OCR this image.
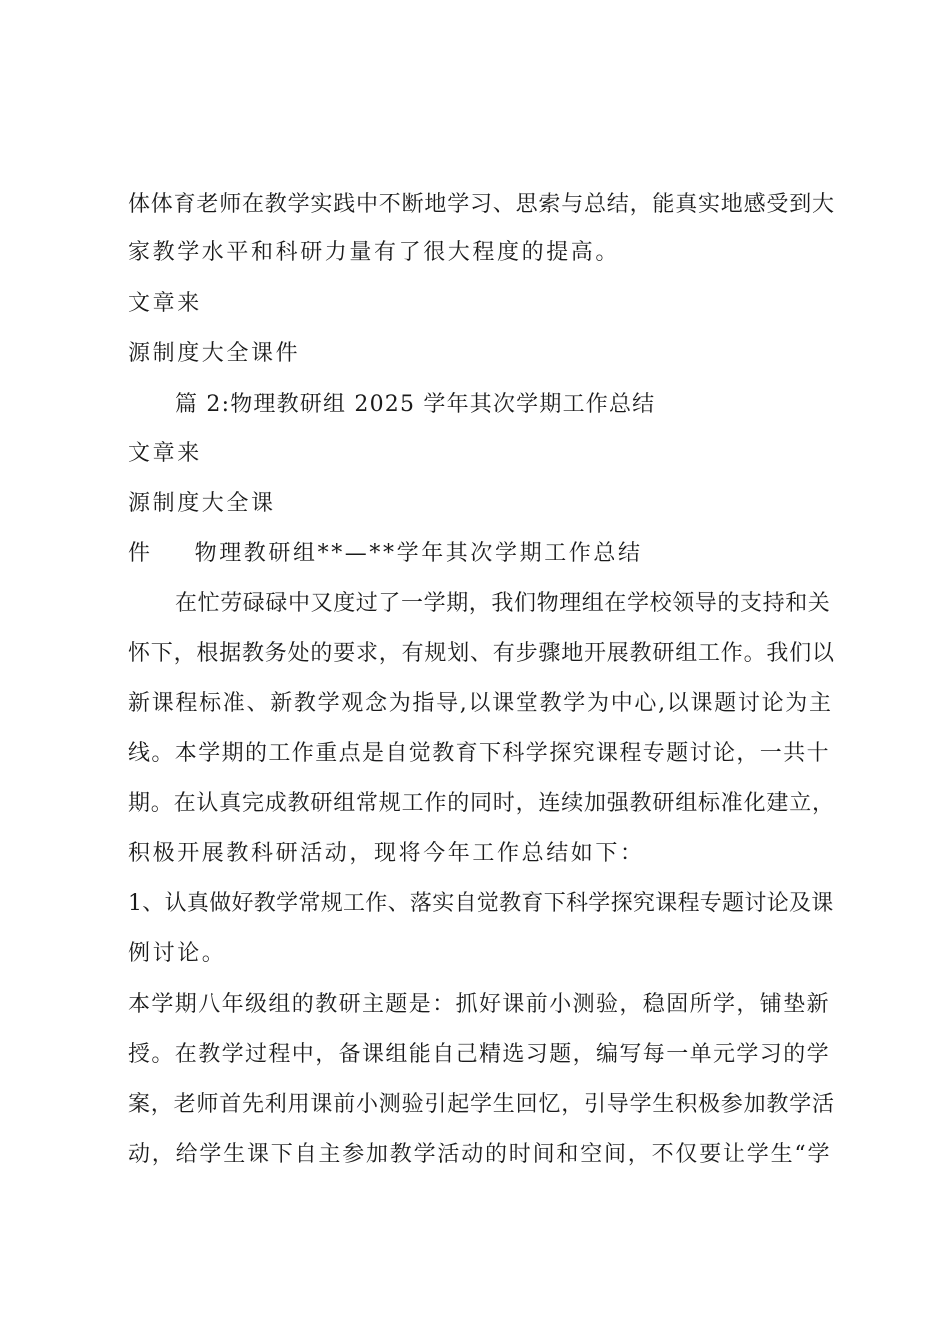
体体育老师在教学实践中不断地学习、思索与总结，能真实地感受到大
家教学水平和科研力量有了很大程度的提高。
文章来
源制度大全课件
篇 2:物理教研组 2025 学年其次学期工作总结
文章来
源制度大全课
件 物理教研组**—**学年其次学期工作总结
在忙劳碌碌中又度过了一学期，我们物理组在学校领导的支持和关
怀下，根据教务处的要求，有规划、有步骤地开展教研组工作。我们以
新课程标准、新教学观念为指导,以课堂教学为中心,以课题讨论为主
线。本学期的工作重点是自觉教育下科学探究课程专题讨论，一共十
期。在认真完成教研组常规工作的同时，连续加强教研组标准化建立，
积极开展教科研活动，现将今年工作总结如下：
1、认真做好教学常规工作、落实自觉教育下科学探究课程专题讨论及课
例讨论。
本学期八年级组的教研主题是：抓好课前小测验，稳固所学，铺垫新
授。在教学过程中，备课组能自己精选习题，编写每一单元学习的学
案，老师首先利用课前小测验引起学生回忆，引导学生积极参加教学活
动，给学生课下自主参加教学活动的时间和空间，不仅要让学生“学
